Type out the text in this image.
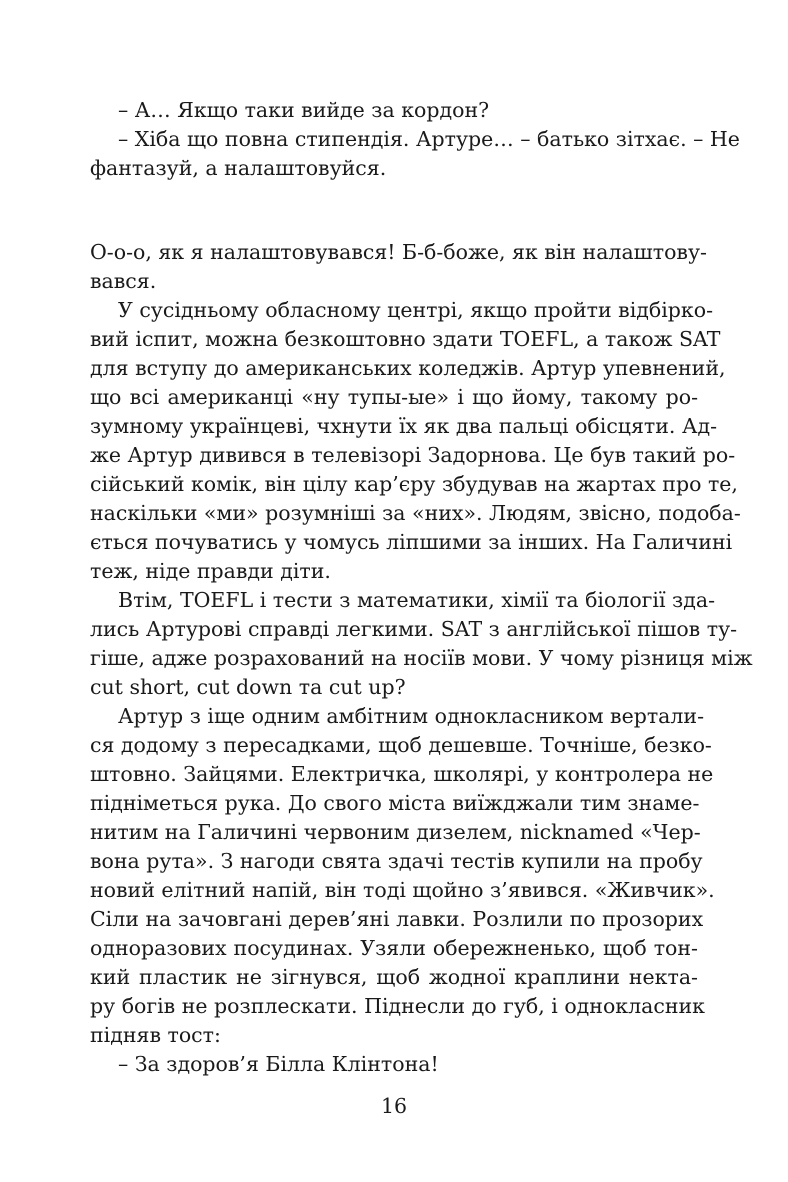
– А… Якщо таки вийде за кордон?
– Хіба що повна стипендія. Артуре… – батько зітхає. – Не
фантазуй, а налаштовуйся.
О-о-о, як я налаштовувався! Б-б-боже, як він налаштову-
вався.
У сусідньому обласному центрі, якщо пройти відбірко-
вий іспит, можна безкоштовно здати TOEFL, а також SAT
для вступу до американських коледжів. Артур упевнений,
що всі американці «ну тупы-ые» і що йому, такому ро-
зумному українцеві, чхнути їх як два пальці обісцяти. Ад-
же Артур дивився в телевізорі Задорнова. Це був такий ро-
сійський комік, він цілу кар’єру збудував на жартах про те,
наскільки «ми» розумніші за «них». Людям, звісно, подоба-
ється почуватись у чомусь ліпшими за інших. На Галичині
теж, ніде правди діти.
Втім, TOEFL і тести з математики, хімії та біології зда-
лись Артурові справді легкими. SAT з англійської пішов ту-
гіше, адже розрахований на носіїв мови. У чому різниця між
cut short, cut down та cut up?
Артур з іще одним амбітним однокласником вертали-
ся додому з пересадками, щоб дешевше. Точніше, безко-
штовно. Зайцями. Електричка, школярі, у контролера не
підніметься рука. До свого міста виїжджали тим знаме-
нитим на Галичині червоним дизелем, nicknamed «Чер-
вона рута». З нагоди свята здачі тестів купили на пробу
новий елітний напій, він тоді щойно з’явився. «Живчик».
Сіли на зачовгані дерев’яні лавки. Розлили по прозорих
одноразових посудинах. Узяли обережненько, щоб тон-
кий пластик не зігнувся, щоб жодної краплини некта-
ру богів не розплескати. Піднесли до губ, і однокласник
підняв тост:
– За здоров’я Білла Клінтона!
16
